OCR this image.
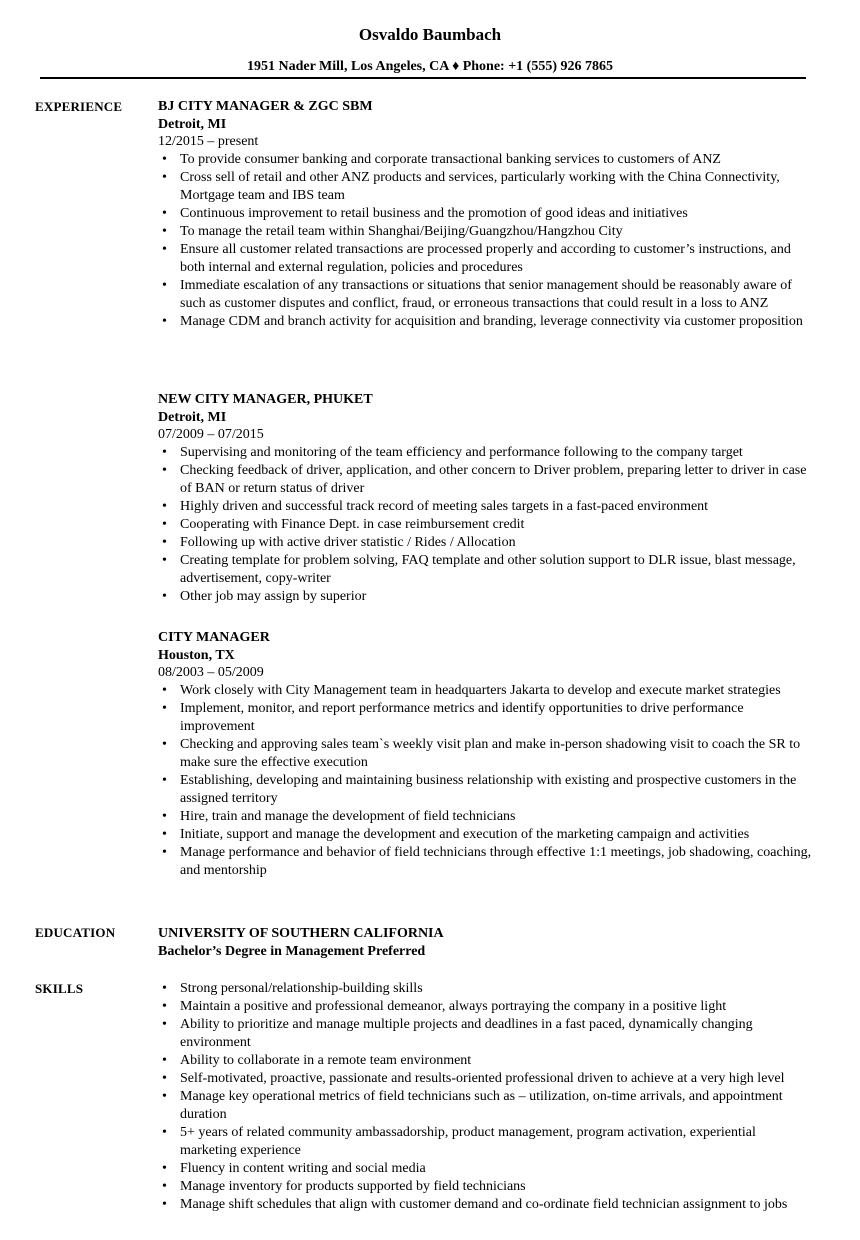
Osvaldo Baumbach
1951 Nader Mill, Los Angeles, CA ♦ Phone: +1 (555) 926 7865
EXPERIENCE	BJ CITY MANAGER & ZGC SBM
Detroit, MI
12/2015 – present
• To provide consumer banking and corporate transactional banking services to customers of ANZ
• Cross sell of retail and other ANZ products and services, particularly working with the China Connectivity, Mortgage team and IBS team
• Continuous improvement to retail business and the promotion of good ideas and initiatives
• To manage the retail team within Shanghai/Beijing/Guangzhou/Hangzhou City
• Ensure all customer related transactions are processed properly and according to customer’s instructions, and both internal and external regulation, policies and procedures
• Immediate escalation of any transactions or situations that senior management should be reasonably aware of such as customer disputes and conflict, fraud, or erroneous transactions that could result in a loss to ANZ
• Manage CDM and branch activity for acquisition and branding, leverage connectivity via customer proposition
NEW CITY MANAGER, PHUKET
Detroit, MI
07/2009 – 07/2015
• Supervising and monitoring of the team efficiency and performance following to the company target
• Checking feedback of driver, application, and other concern to Driver problem, preparing letter to driver in case of BAN or return status of driver
• Highly driven and successful track record of meeting sales targets in a fast-paced environment
• Cooperating with Finance Dept. in case reimbursement credit
• Following up with active driver statistic / Rides / Allocation
• Creating template for problem solving, FAQ template and other solution support to DLR issue, blast message, advertisement, copy-writer
• Other job may assign by superior
CITY MANAGER
Houston, TX
08/2003 – 05/2009
• Work closely with City Management team in headquarters Jakarta to develop and execute market strategies
• Implement, monitor, and report performance metrics and identify opportunities to drive performance improvement
• Checking and approving sales team`s weekly visit plan and make in-person shadowing visit to coach the SR to make sure the effective execution
• Establishing, developing and maintaining business relationship with existing and prospective customers in the assigned territory
• Hire, train and manage the development of field technicians
• Initiate, support and manage the development and execution of the marketing campaign and activities
• Manage performance and behavior of field technicians through effective 1:1 meetings, job shadowing, coaching, and mentorship
EDUCATION	UNIVERSITY OF SOUTHERN CALIFORNIA
Bachelor’s Degree in Management Preferred
SKILLS
•	Strong personal/relationship-building skills
• Maintain a positive and professional demeanor, always portraying the company in a positive light
• Ability to prioritize and manage multiple projects and deadlines in a fast paced, dynamically changing environment
• Ability to collaborate in a remote team environment
• Self-motivated, proactive, passionate and results-oriented professional driven to achieve at a very high level
• Manage key operational metrics of field technicians such as – utilization, on-time arrivals, and appointment duration
• 5+ years of related community ambassadorship, product management, program activation, experiential marketing experience
• Fluency in content writing and social media
• Manage inventory for products supported by field technicians
• Manage shift schedules that align with customer demand and co-ordinate field technician assignment to jobs
